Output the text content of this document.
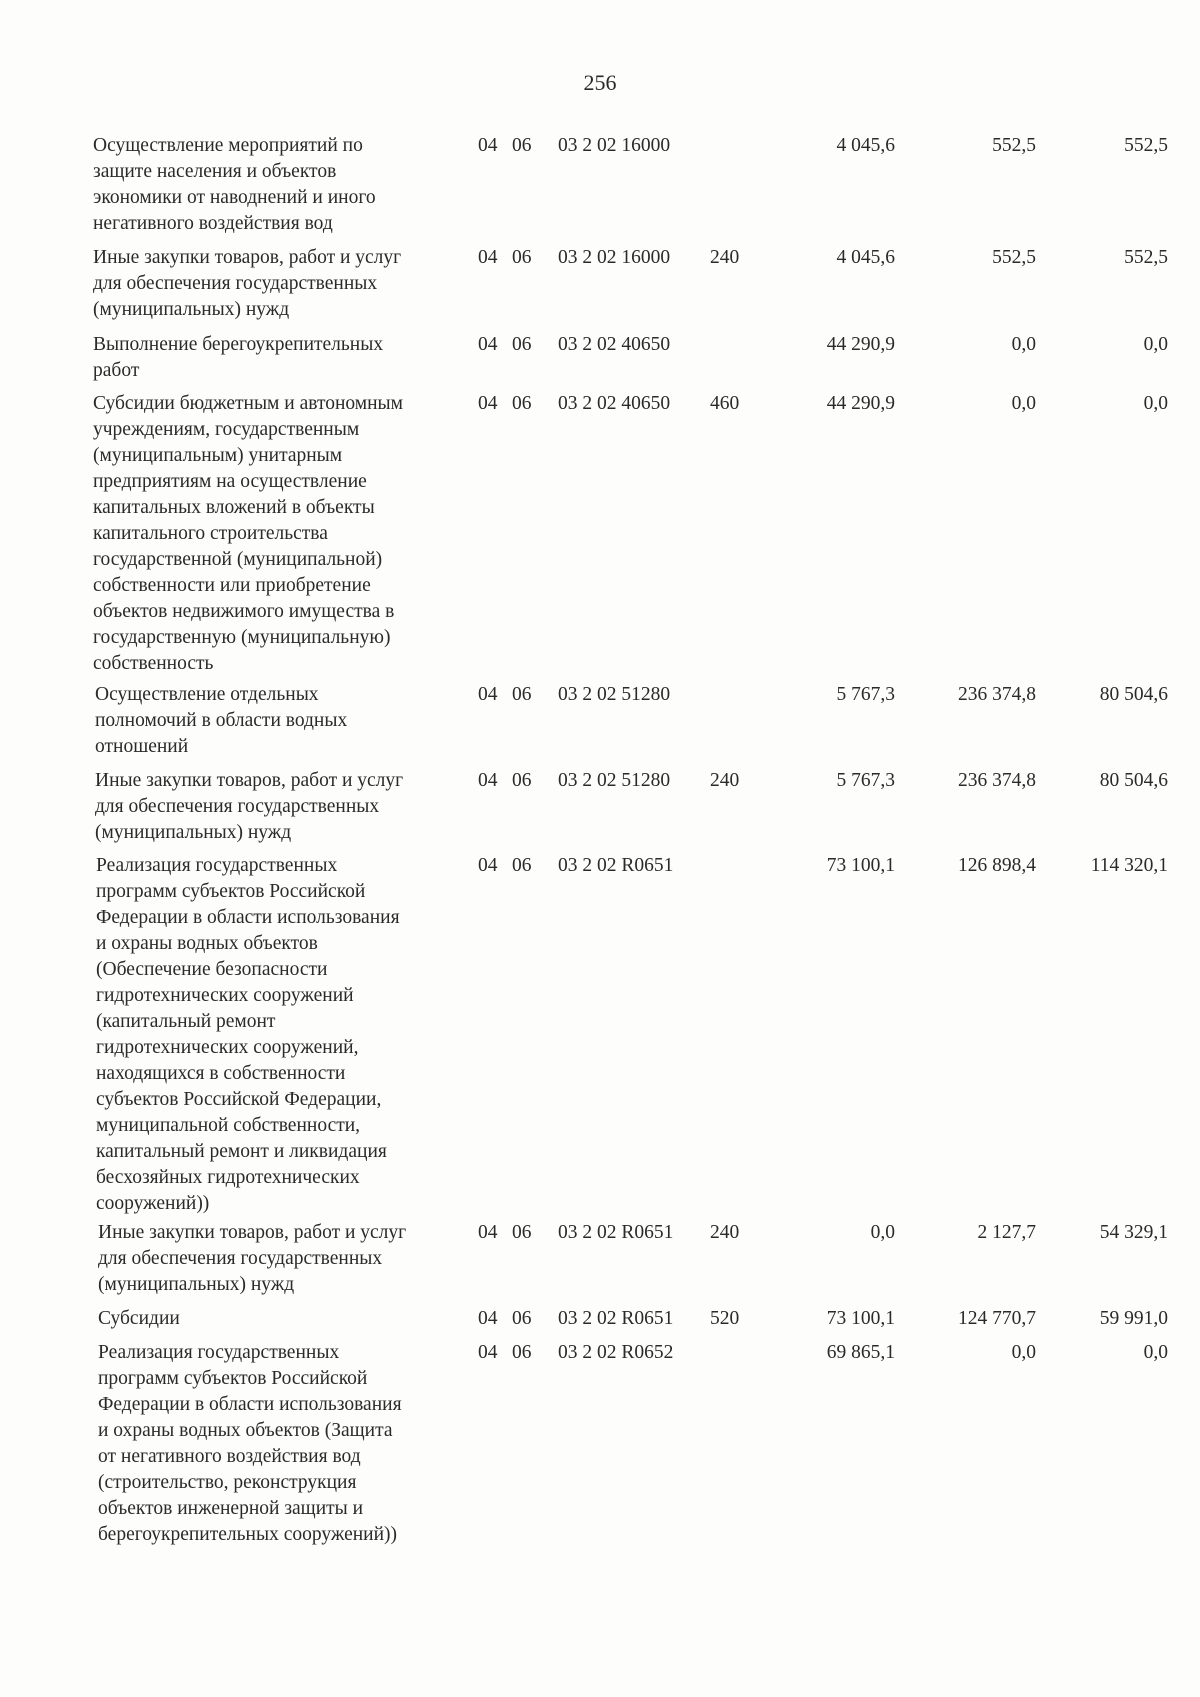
256
Осуществление мероприятий по
защите населения и объектов
экономики от наводнений и иного
негативного воздействия вод
04 06 03 2 02 16000	4 045,6	552,5	552,5
Иные закупки товаров, работ и услуг
для обеспечения государственных
(муниципальных) нужд
04 06 03 2 02 16000 240	4 045,6	552,5	552,5
Выполнение берегоукрепительных
работ
04 06 03 2 02 40650	44 290,9	0,0	0,0
Субсидии бюджетным и автономным
учреждениям, государственным
(муниципальным) унитарным
предприятиям на осуществление
капитальных вложений в объекты
капитального строительства
государственной (муниципальной)
собственности или приобретение
объектов недвижимого имущества в
государственную (муниципальную)
собственность
04 06 03 2 02 40650 460	44 290,9	0,0	0,0
Осуществление отдельных
полномочий в области водных
отношений
04 06 03 2 02 51280	5 767,3	236 374,8	80 504,6
Иные закупки товаров, работ и услуг
для обеспечения государственных
(муниципальных) нужд
04 06 03 2 02 51280 240	5 767,3	236 374,8	80 504,6
Реализация государственных
программ субъектов Российской
Федерации в области использования
и охраны водных объектов
(Обеспечение безопасности
гидротехнических сооружений
(капитальный ремонт
гидротехнических сооружений,
находящихся в собственности
субъектов Российской Федерации,
муниципальной собственности,
капитальный ремонт и ликвидация
бесхозяйных гидротехнических
сооружений))
04 06 03 2 02 R0651	73 100,1	126 898,4	114 320,1
Иные закупки товаров, работ и услуг
для обеспечения государственных
(муниципальных) нужд
04 06 03 2 02 R0651 240	0,0	2 127,7	54 329,1
Субсидии	04 06 03 2 02 R0651 520	73 100,1	124 770,7	59 991,0
Реализация государственных
программ субъектов Российской
Федерации в области использования
и охраны водных объектов (Защита
от негативного воздействия вод
(строительство, реконструкция
объектов инженерной защиты и
берегоукрепительных сооружений))
04 06 03 2 02 R0652	69 865,1	0,0	0,0
